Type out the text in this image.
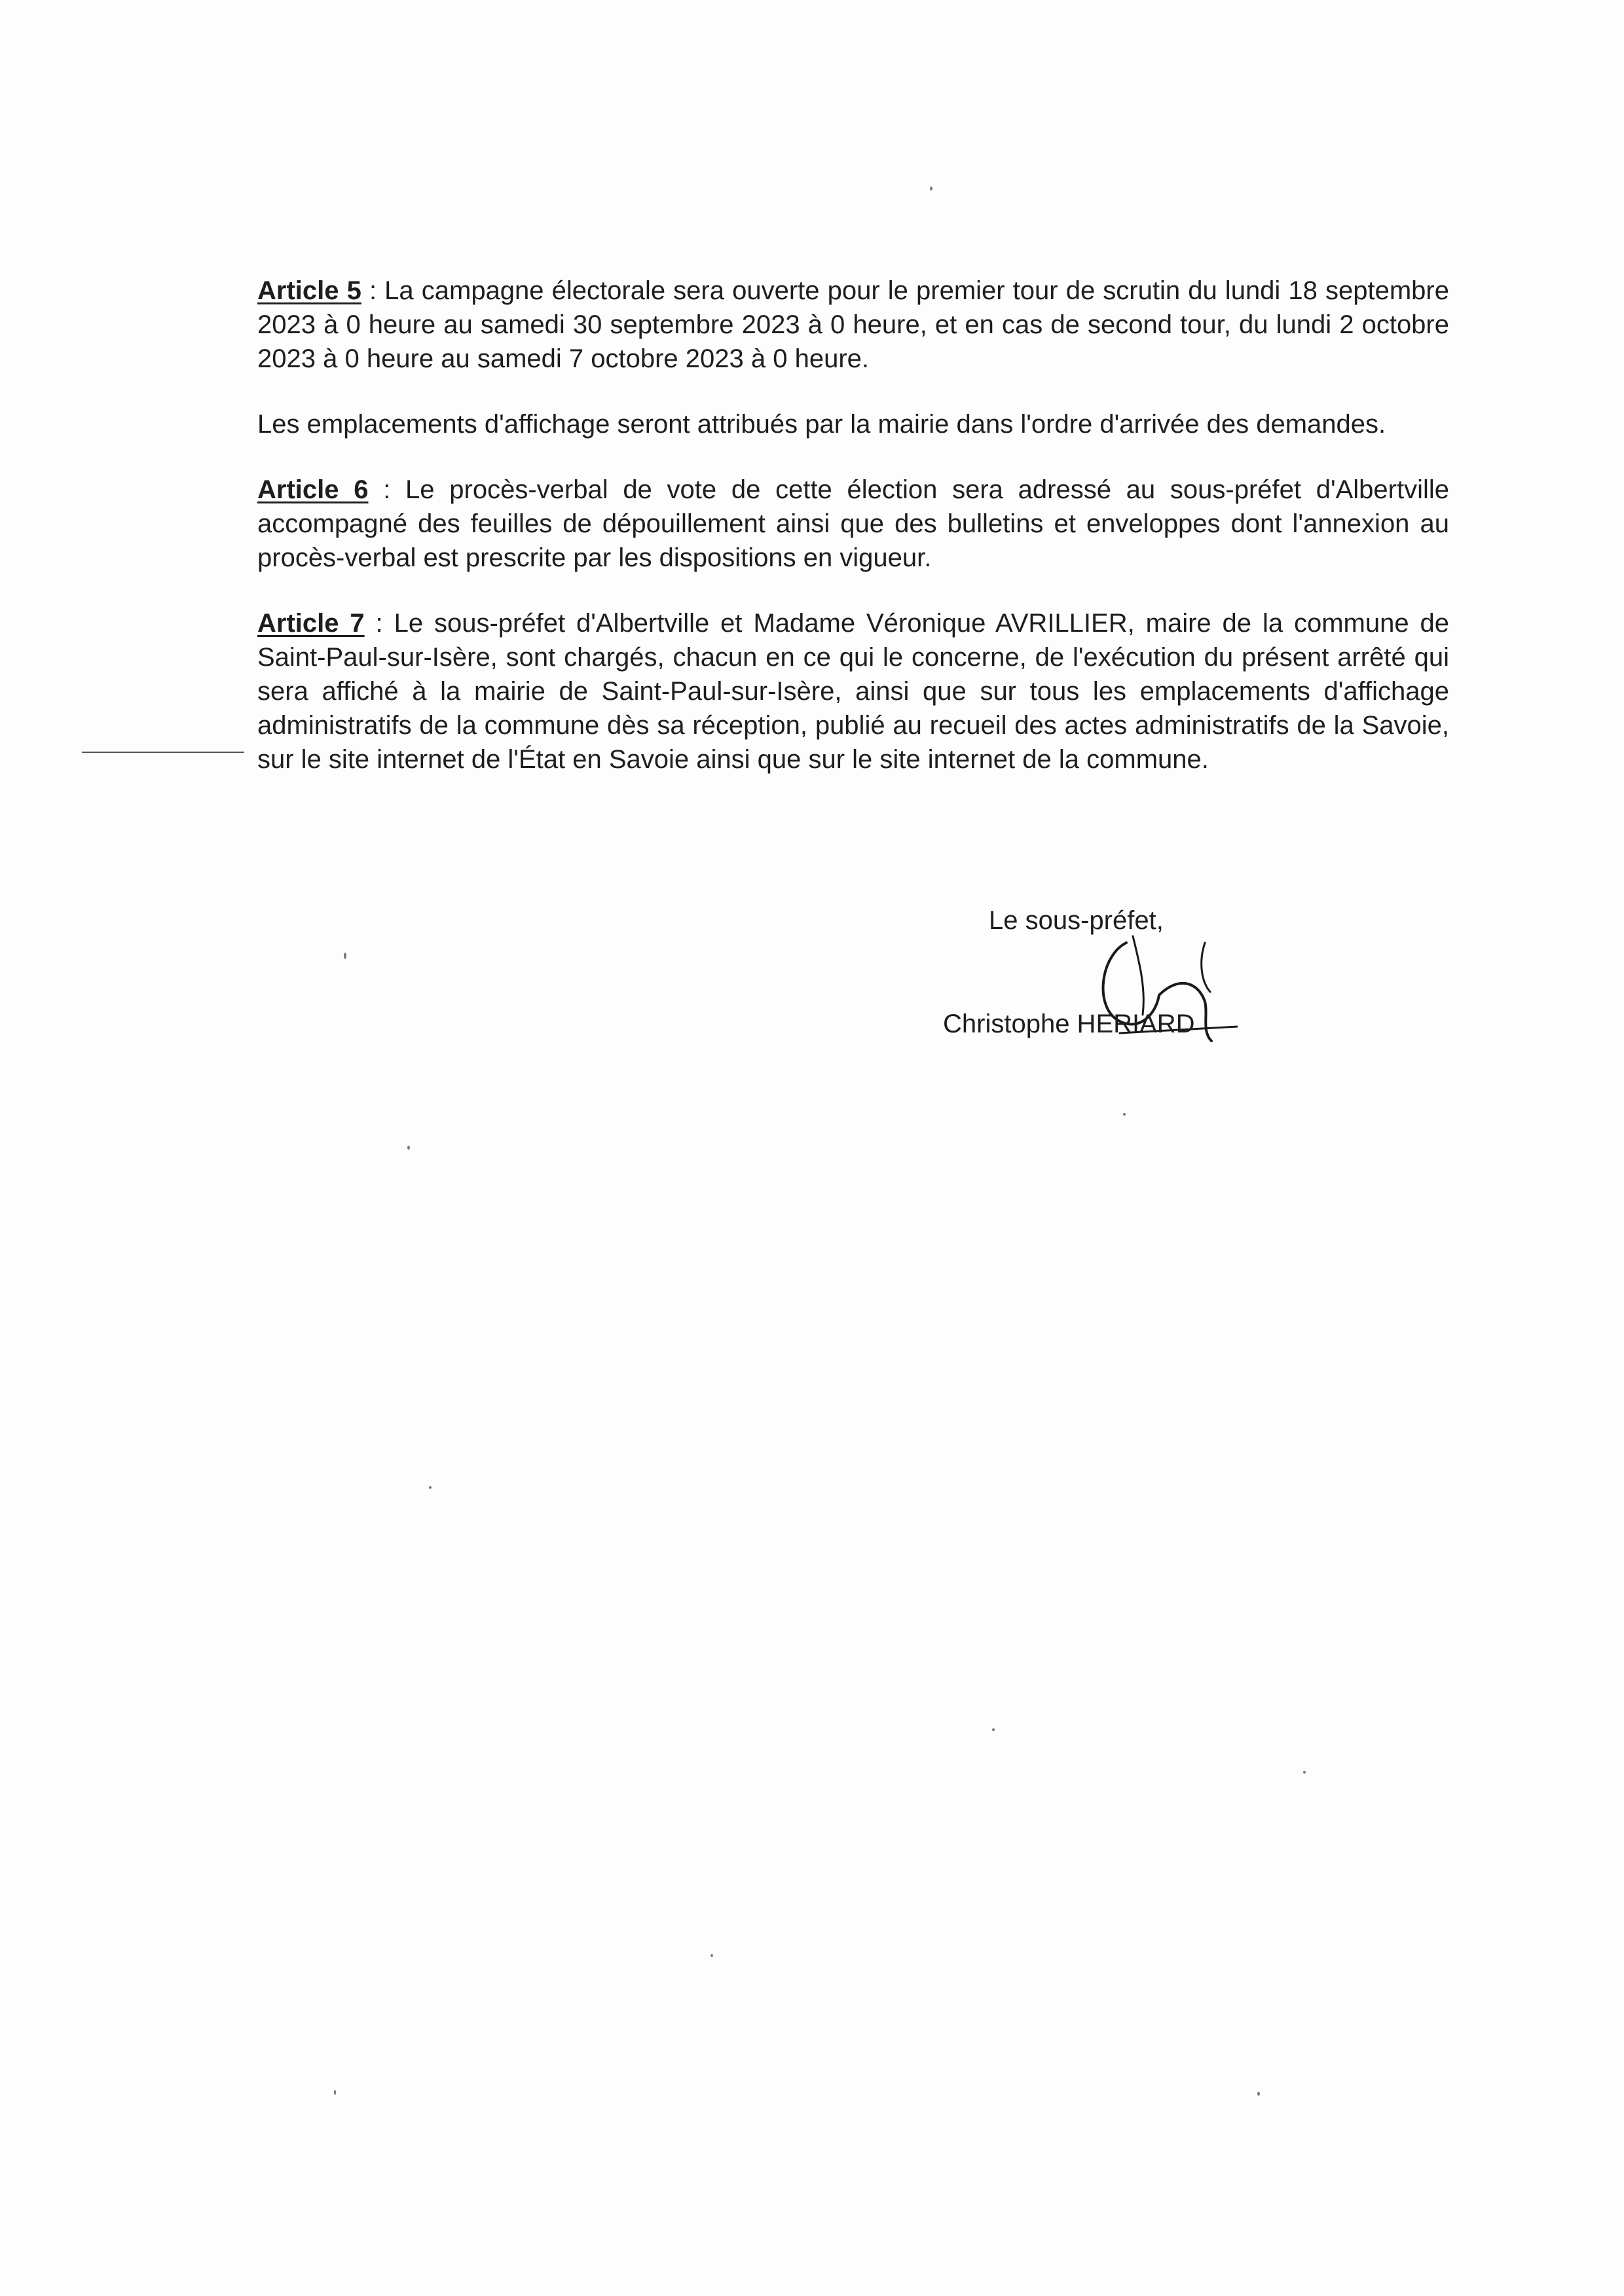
Article 5 : La campagne électorale sera ouverte pour le premier tour de scrutin du lundi 18 septembre 2023 à 0 heure au samedi 30 septembre 2023 à 0 heure, et en cas de second tour, du lundi 2 octobre 2023 à 0 heure au samedi 7 octobre 2023 à 0 heure.

Les emplacements d'affichage seront attribués par la mairie dans l'ordre d'arrivée des demandes.

Article 6 : Le procès-verbal de vote de cette élection sera adressé au sous-préfet d'Albertville accompagné des feuilles de dépouillement ainsi que des bulletins et enveloppes dont l'annexion au procès-verbal est prescrite par les dispositions en vigueur.

Article 7 : Le sous-préfet d'Albertville et Madame Véronique AVRILLIER, maire de la commune de Saint-Paul-sur-Isère, sont chargés, chacun en ce qui le concerne, de l'exécution du présent arrêté qui sera affiché à la mairie de Saint-Paul-sur-Isère, ainsi que sur tous les emplacements d'affichage administratifs de la commune dès sa réception, publié au recueil des actes administratifs de la Savoie, sur le site internet de l'État en Savoie ainsi que sur le site internet de la commune.

Le sous-préfet,
Christophe HERIARD
